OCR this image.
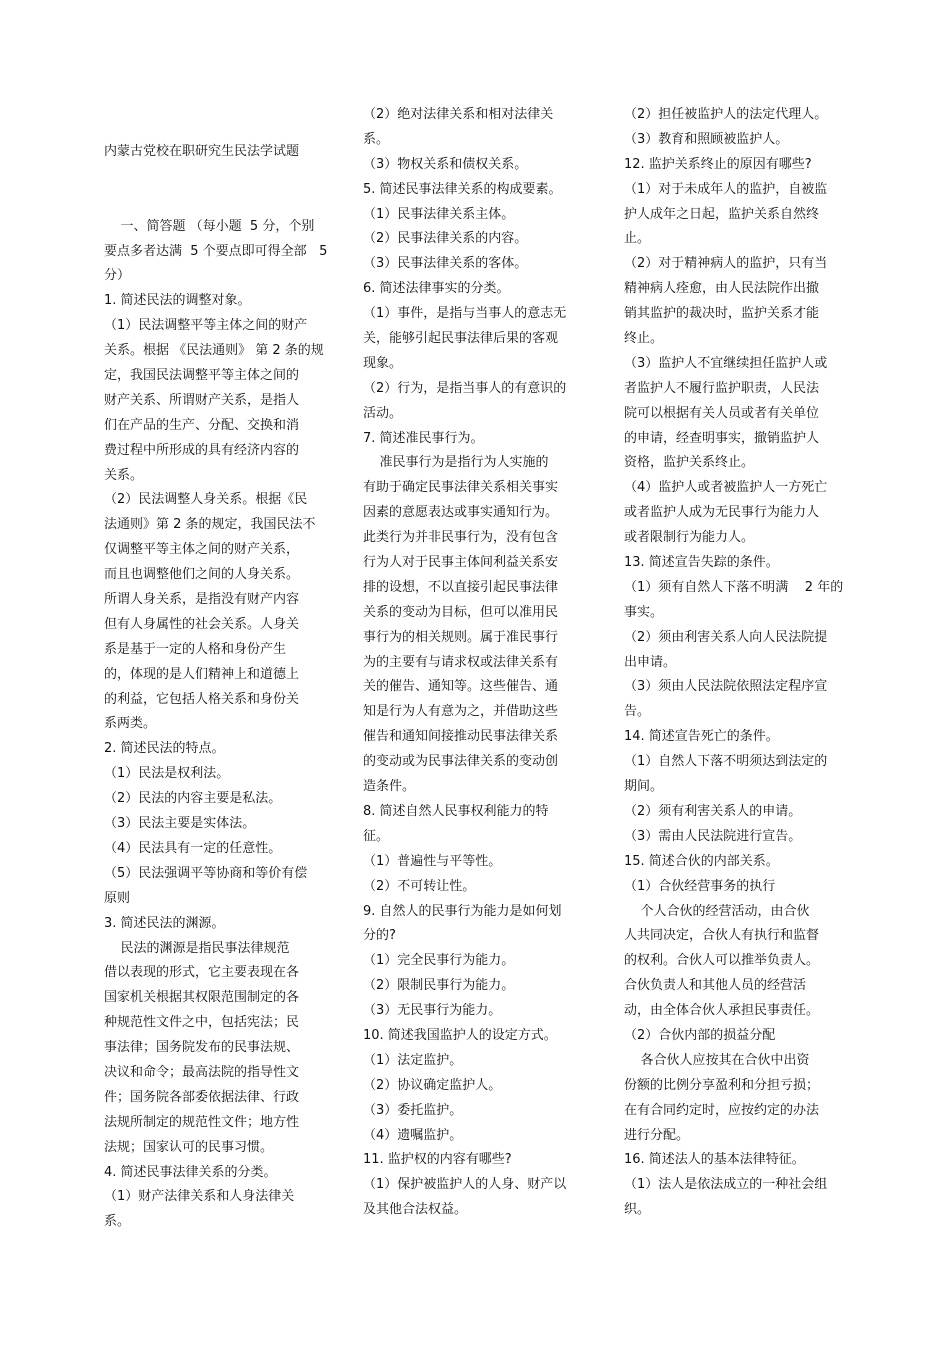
内蒙古党校在职研究生民法学试题
一、简答题 （每小题  5 分，个别
要点多者达满  5 个要点即可得全部   5
分）
1. 简述民法的调整对象。
（1）民法调整平等主体之间的财产
关系。根据 《民法通则》 第 2 条的规
定，我国民法调整平等主体之间的
财产关系、所谓财产关系，是指人
们在产品的生产、分配、交换和消
费过程中所形成的具有经济内容的
关系。
（2）民法调整人身关系。根据《民
法通则》第 2 条的规定，我国民法不
仅调整平等主体之间的财产关系，
而且也调整他们之间的人身关系。
所谓人身关系，是指没有财产内容
但有人身属性的社会关系。人身关
系是基于一定的人格和身份产生
的，体现的是人们精神上和道德上
的利益，它包括人格关系和身份关
系两类。
2. 简述民法的特点。
（1）民法是权利法。
（2）民法的内容主要是私法。
（3）民法主要是实体法。
（4）民法具有一定的任意性。
（5）民法强调平等协商和等价有偿
原则
3. 简述民法的渊源。
民法的渊源是指民事法律规范
借以表现的形式，它主要表现在各
国家机关根据其权限范围制定的各
种规范性文件之中，包括宪法；民
事法律；国务院发布的民事法规、
决议和命令；最高法院的指导性文
件；国务院各部委依据法律、行政
法规所制定的规范性文件；地方性
法规；国家认可的民事习惯。
4. 简述民事法律关系的分类。
（1）财产法律关系和人身法律关
系。
（2）绝对法律关系和相对法律关
系。
（3）物权关系和债权关系。
5. 简述民事法律关系的构成要素。
（1）民事法律关系主体。
（2）民事法律关系的内容。
（3）民事法律关系的客体。
6. 简述法律事实的分类。
（1）事件，是指与当事人的意志无
关，能够引起民事法律后果的客观
现象。
（2）行为，是指当事人的有意识的
活动。
7. 简述准民事行为。
准民事行为是指行为人实施的
有助于确定民事法律关系相关事实
因素的意愿表达或事实通知行为。
此类行为并非民事行为，没有包含
行为人对于民事主体间利益关系安
排的设想，不以直接引起民事法律
关系的变动为目标，但可以准用民
事行为的相关规则。属于准民事行
为的主要有与请求权或法律关系有
关的催告、通知等。这些催告、通
知是行为人有意为之，并借助这些
催告和通知间接推动民事法律关系
的变动或为民事法律关系的变动创
造条件。
8. 简述自然人民事权利能力的特
征。
（1）普遍性与平等性。
（2）不可转让性。
9. 自然人的民事行为能力是如何划
分的?
（1）完全民事行为能力。
（2）限制民事行为能力。
（3）无民事行为能力。
10. 简述我国监护人的设定方式。
（1）法定监护。
（2）协议确定监护人。
（3）委托监护。
（4）遗嘱监护。
11. 监护权的内容有哪些?
（1）保护被监护人的人身、财产以
及其他合法权益。
（2）担任被监护人的法定代理人。
（3）教育和照顾被监护人。
12. 监护关系终止的原因有哪些?
（1）对于未成年人的监护，自被监
护人成年之日起，监护关系自然终
止。
（2）对于精神病人的监护，只有当
精神病人痊愈，由人民法院作出撤
销其监护的裁决时，监护关系才能
终止。
（3）监护人不宜继续担任监护人或
者监护人不履行监护职责，人民法
院可以根据有关人员或者有关单位
的申请，经查明事实，撤销监护人
资格，监护关系终止。
（4）监护人或者被监护人一方死亡
或者监护人成为无民事行为能力人
或者限制行为能力人。
13. 简述宣告失踪的条件。
（1）须有自然人下落不明满    2 年的
事实。
（2）须由利害关系人向人民法院提
出申请。
（3）须由人民法院依照法定程序宣
告。
14. 简述宣告死亡的条件。
（1）自然人下落不明须达到法定的
期间。
（2）须有利害关系人的申请。
（3）需由人民法院进行宣告。
15. 简述合伙的内部关系。
（1）合伙经营事务的执行
个人合伙的经营活动，由合伙
人共同决定，合伙人有执行和监督
的权利。合伙人可以推举负责人。
合伙负责人和其他人员的经营活
动，由全体合伙人承担民事责任。
（2）合伙内部的损益分配
各合伙人应按其在合伙中出资
份额的比例分享盈利和分担亏损；
在有合同约定时，应按约定的办法
进行分配。
16. 简述法人的基本法律特征。
（1）法人是依法成立的一种社会组
织。
